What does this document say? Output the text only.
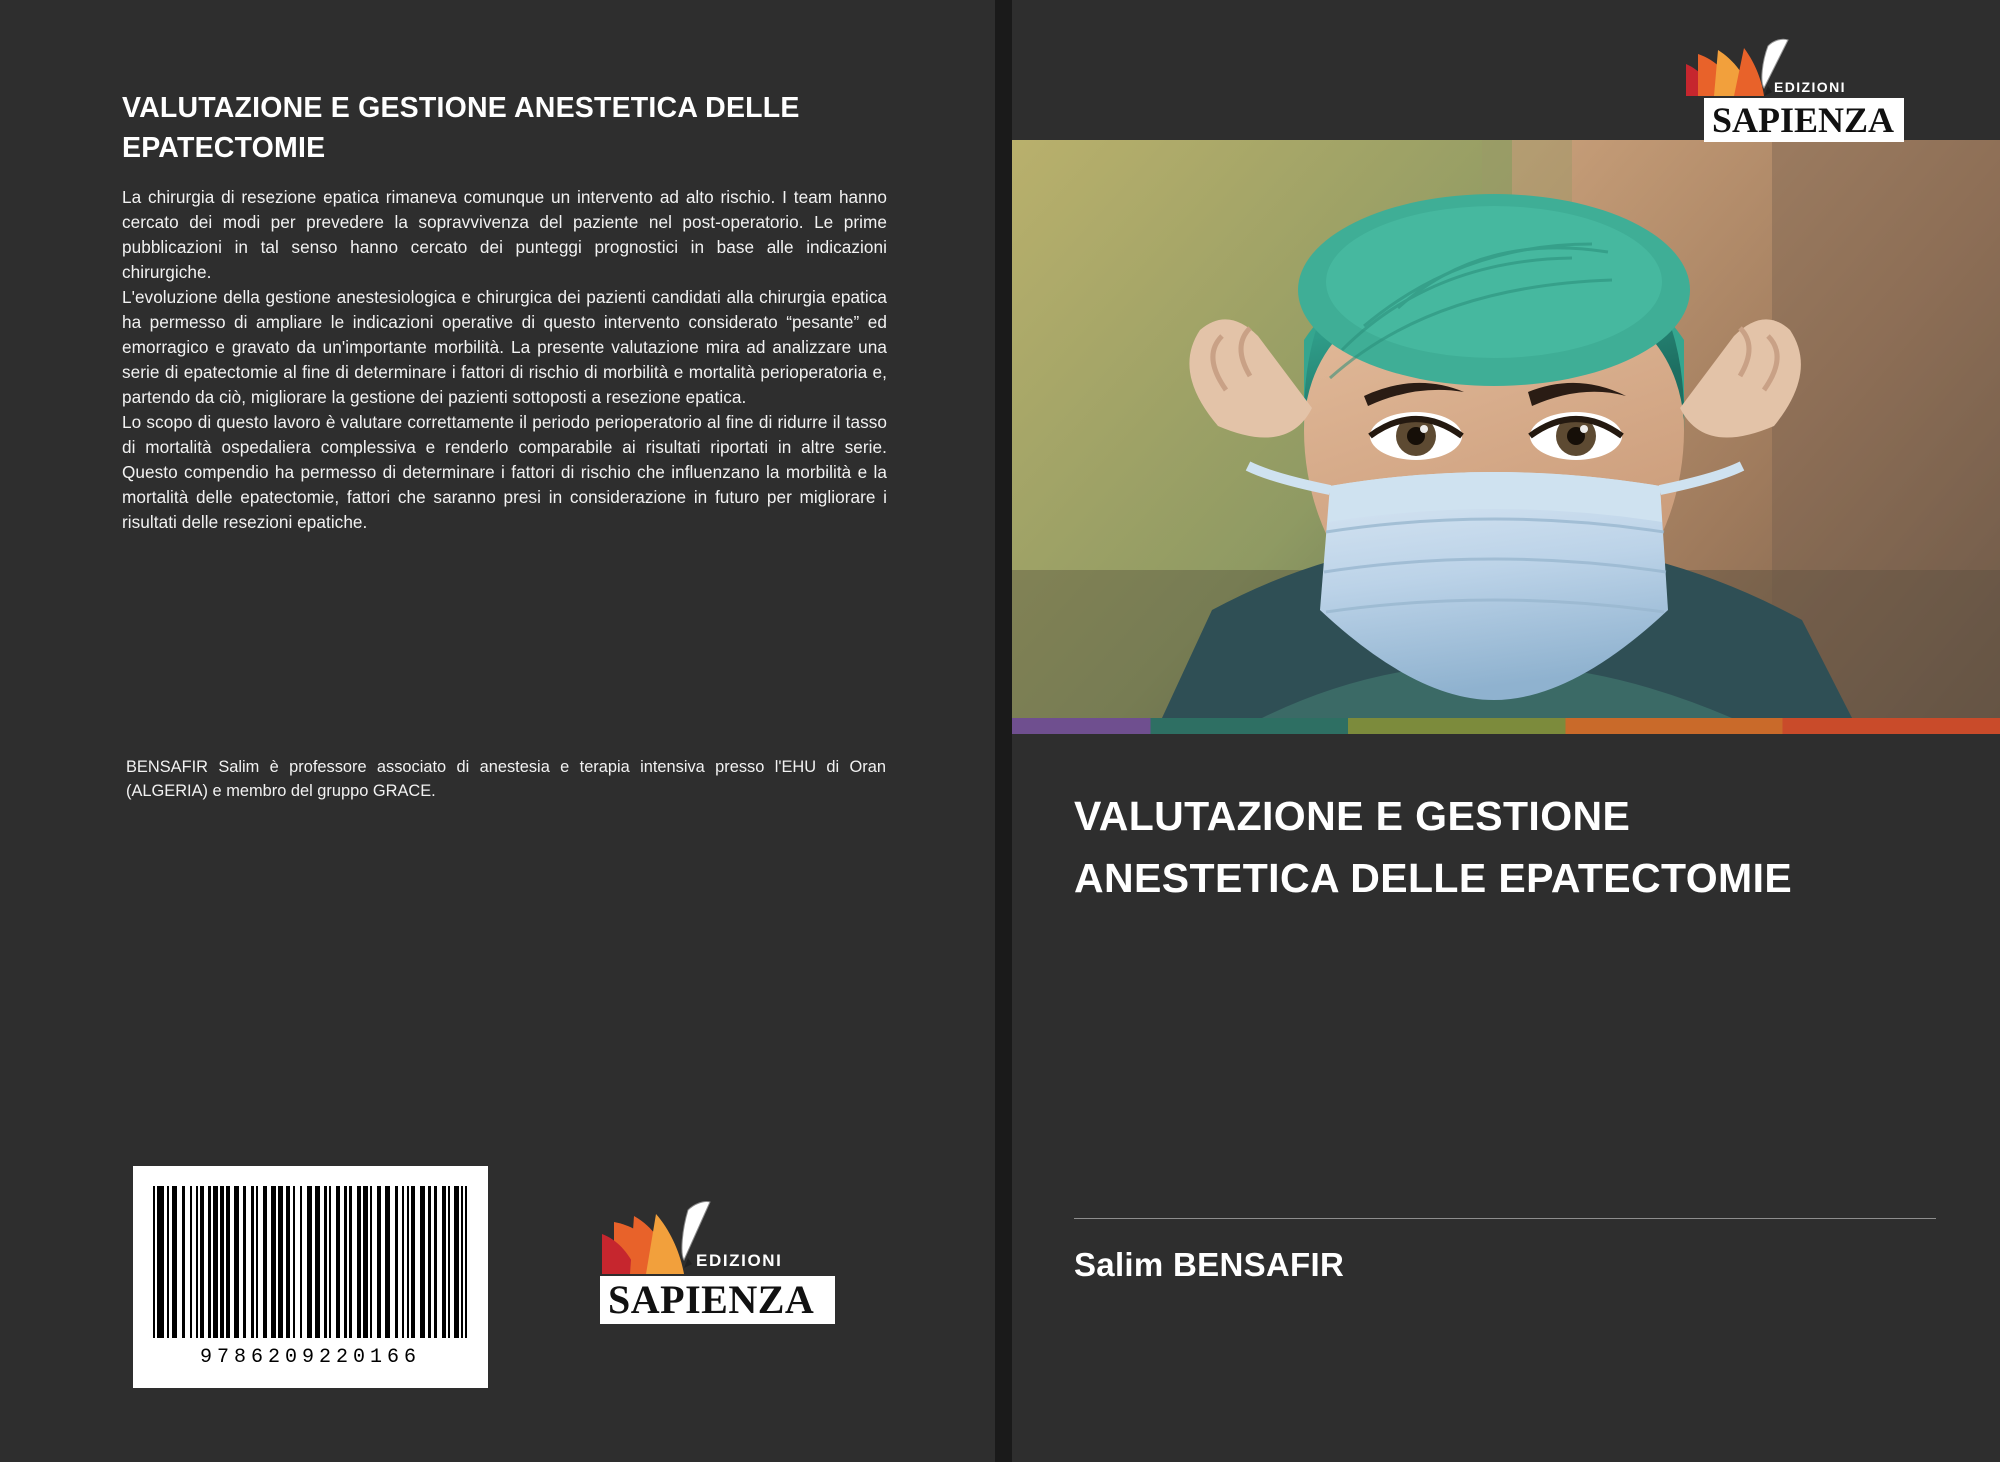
VALUTAZIONE E GESTIONE ANESTETICA DELLE EPATECTOMIE

La chirurgia di resezione epatica rimaneva comunque un intervento ad alto rischio. I team hanno cercato dei modi per prevedere la sopravvivenza del paziente nel post-operatorio. Le prime pubblicazioni in tal senso hanno cercato dei punteggi prognostici in base alle indicazioni chirurgiche.

L'evoluzione della gestione anestesiologica e chirurgica dei pazienti candidati alla chirurgia epatica ha permesso di ampliare le indicazioni operative di questo intervento considerato “pesante” ed emorragico e gravato da un'importante morbilità. La presente valutazione mira ad analizzare una serie di epatectomie al fine di determinare i fattori di rischio di morbilità e mortalità perioperatoria e, partendo da ciò, migliorare la gestione dei pazienti sottoposti a resezione epatica.

Lo scopo di questo lavoro è valutare correttamente il periodo perioperatorio al fine di ridurre il tasso di mortalità ospedaliera complessiva e renderlo comparabile ai risultati riportati in altre serie. Questo compendio ha permesso di determinare i fattori di rischio che influenzano la morbilità e la mortalità delle epatectomie, fattori che saranno presi in considerazione in futuro per migliorare i risultati delle resezioni epatiche.

BENSAFIR Salim è professore associato di anestesia e terapia intensiva presso l'EHU di Oran (ALGERIA) e membro del gruppo GRACE.
9786209220166
EDIZIONI
SAPIENZA
EDIZIONI
SAPIENZA
VALUTAZIONE E GESTIONE ANESTETICA DELLE EPATECTOMIE
Salim BENSAFIR
